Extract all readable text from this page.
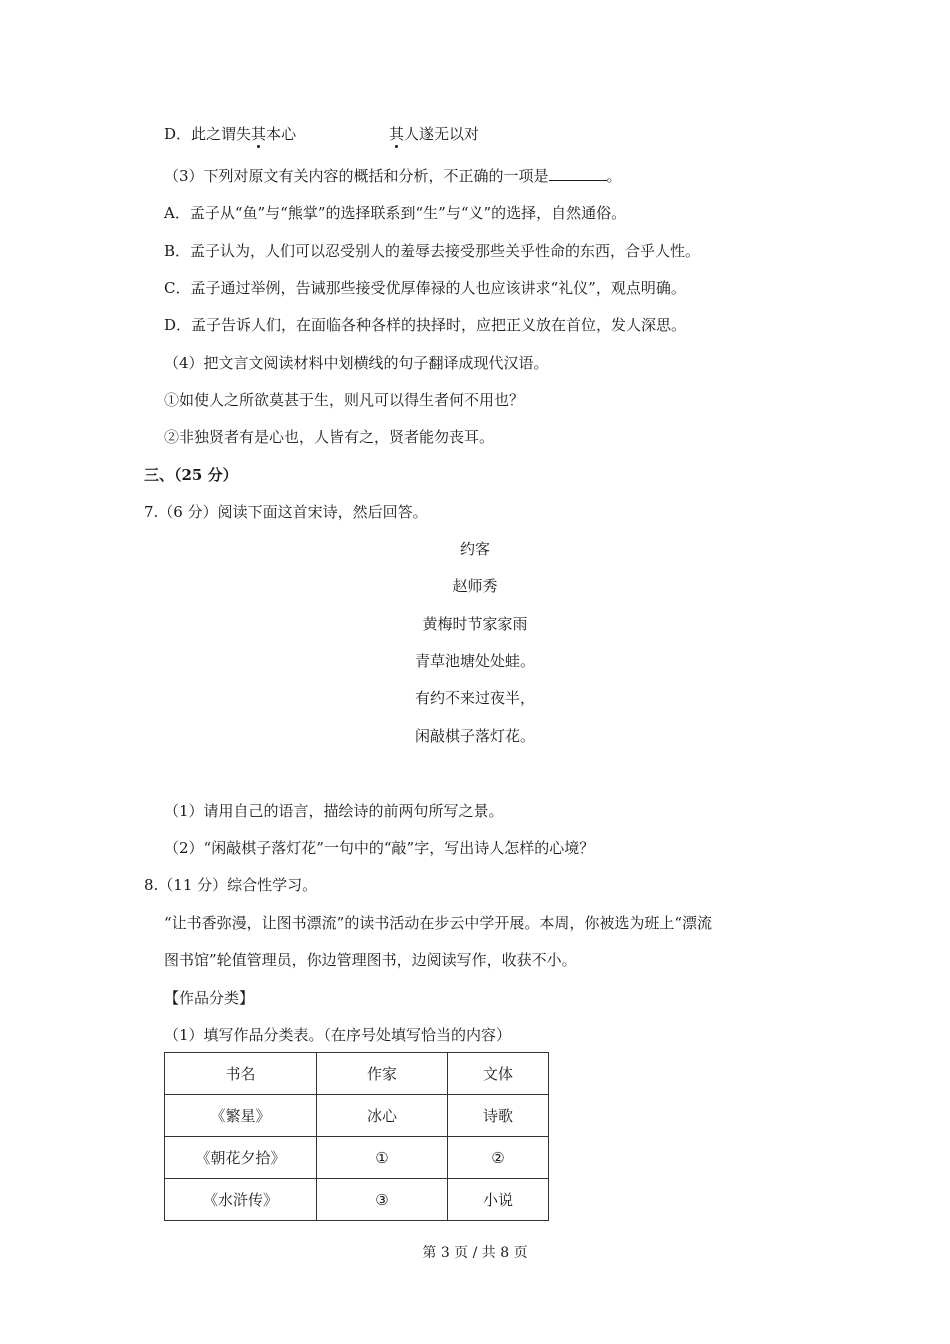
D．此之谓失其本心	其人遂无以对
（3）下列对原文有关内容的概括和分析，不正确的一项是	。
A．孟子从“鱼”与“熊掌”的选择联系到“生”与“义”的选择，自然通俗。
B．孟子认为，人们可以忍受别人的羞辱去接受那些关乎性命的东西，合乎人性。
C．孟子通过举例，告诫那些接受优厚俸禄的人也应该讲求“礼仪”，观点明确。
D．孟子告诉人们，在面临各种各样的抉择时，应把正义放在首位，发人深思。
（4）把文言文阅读材料中划横线的句子翻译成现代汉语。
①如使人之所欲莫甚于生，则凡可以得生者何不用也？
②非独贤者有是心也，人皆有之，贤者能勿丧耳。
三、（25 分）
7.（6 分）阅读下面这首宋诗，然后回答。
约客
赵师秀
黄梅时节家家雨
青草池塘处处蛙。
有约不来过夜半，
闲敲棋子落灯花。
（1）请用自己的语言，描绘诗的前两句所写之景。
（2）“闲敲棋子落灯花”一句中的“敲”字，写出诗人怎样的心境？
8.（11 分）综合性学习。
“让书香弥漫，让图书漂流”的读书活动在步云中学开展。本周，你被选为班上“漂流
图书馆”轮值管理员，你边管理图书，边阅读写作，收获不小。
【作品分类】
（1）填写作品分类表。（在序号处填写恰当的内容）
书名	作家	文体
《繁星》	冰心	诗歌
《朝花夕拾》	①	②
《水浒传》	③	小说
第 3 页 / 共 8 页
